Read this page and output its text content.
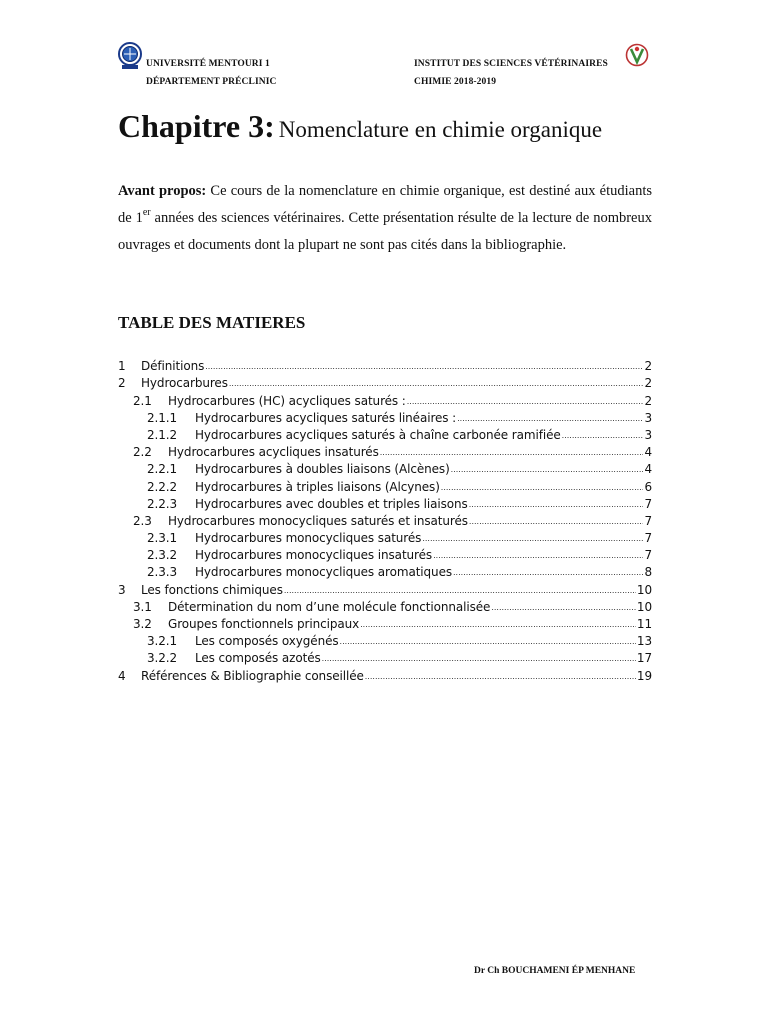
UNIVERSITÉ MENTOURI 1
DÉPARTEMENT PRÉCLINIC
INSTITUT DES SCIENCES VÉTÉRINAIRES
CHIMIE 2018-2019
Chapitre 3: Nomenclature en chimie organique
Avant propos: Ce cours de la nomenclature en chimie organique, est destiné aux étudiants de 1er années des sciences vétérinaires. Cette présentation résulte de la lecture de nombreux ouvrages et documents dont la plupart ne sont pas cités dans la bibliographie.
TABLE DES MATIERES
1	Définitions .....	2
2	Hydrocarbures .....	2
2.1	Hydrocarbures (HC) acycliques saturés : .....	2
2.1.1	Hydrocarbures acycliques saturés linéaires : .....	3
2.1.2	Hydrocarbures acycliques saturés à chaîne carbonée ramifiée .....	3
2.2	Hydrocarbures acycliques insaturés .....	4
2.2.1	Hydrocarbures à doubles liaisons (Alcènes) .....	4
2.2.2	Hydrocarbures à triples liaisons (Alcynes) .....	6
2.2.3	Hydrocarbures avec doubles et triples liaisons .....	7
2.3	Hydrocarbures monocycliques saturés et insaturés .....	7
2.3.1	Hydrocarbures monocycliques saturés .....	7
2.3.2	Hydrocarbures monocycliques insaturés .....	7
2.3.3	Hydrocarbures monocycliques aromatiques .....	8
3	Les fonctions chimiques .....	10
3.1	Détermination du nom d’une molécule fonctionnalisée .....	10
3.2	Groupes fonctionnels principaux .....	11
3.2.1	Les composés oxygénés .....	13
3.2.2	Les composés azotés .....	17
4	Références & Bibliographie conseillée .....	19
Dr Ch BOUCHAMENI ÉP MENHANE
